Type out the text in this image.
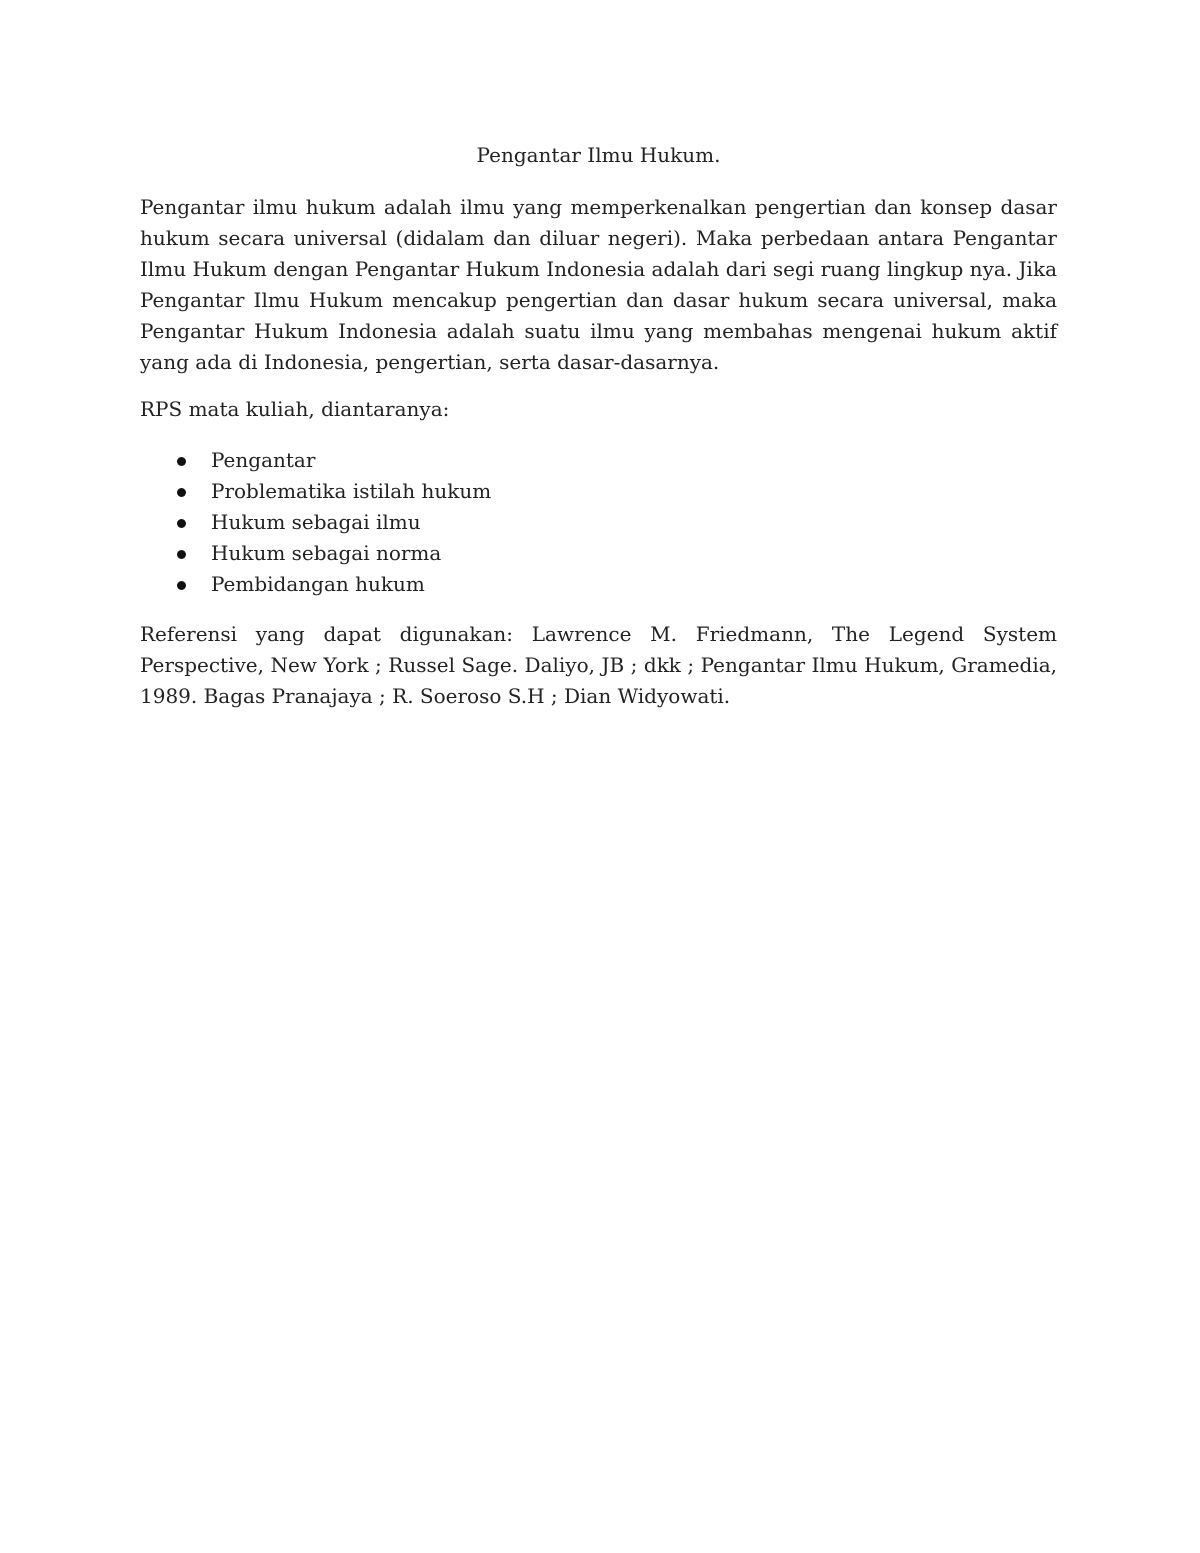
Pengantar Ilmu Hukum.

Pengantar ilmu hukum adalah ilmu yang memperkenalkan pengertian dan konsep dasar hukum secara universal (didalam dan diluar negeri). Maka perbedaan antara Pengantar Ilmu Hukum dengan Pengantar Hukum Indonesia adalah dari segi ruang lingkup nya. Jika Pengantar Ilmu Hukum mencakup pengertian dan dasar hukum secara universal, maka Pengantar Hukum Indonesia adalah suatu ilmu yang membahas mengenai hukum aktif yang ada di Indonesia, pengertian, serta dasar-dasarnya.

RPS mata kuliah, diantaranya:

Pengantar
Problematika istilah hukum
Hukum sebagai ilmu
Hukum sebagai norma
Pembidangan hukum

Referensi yang dapat digunakan: Lawrence M. Friedmann, The Legend System Perspective, New York ; Russel Sage. Daliyo, JB ; dkk ; Pengantar Ilmu Hukum, Gramedia, 1989. Bagas Pranajaya ; R. Soeroso S.H ; Dian Widyowati.
